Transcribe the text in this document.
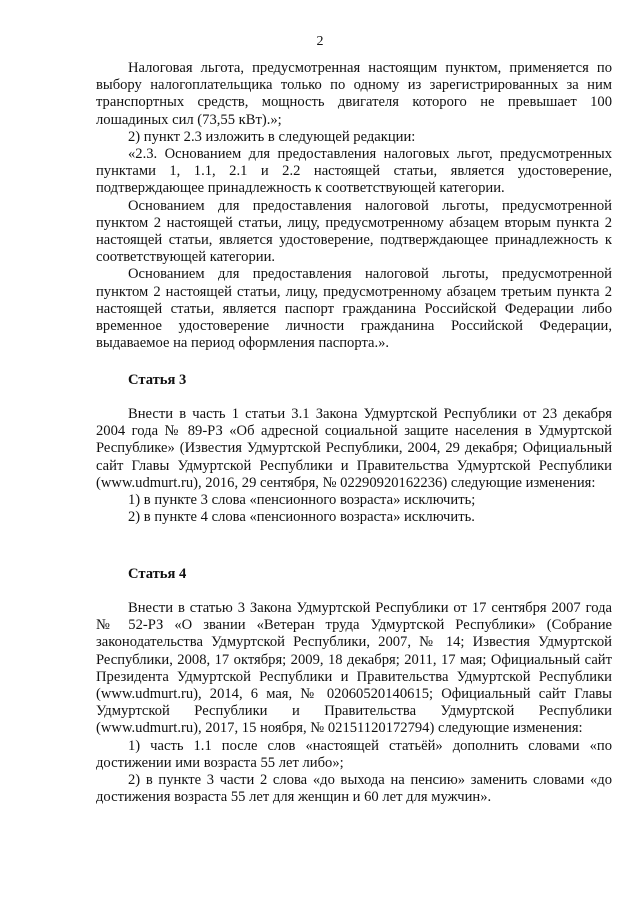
2

Налоговая льгота, предусмотренная настоящим пунктом, применяется по выбору налогоплательщика только по одному из зарегистрированных за ним транспортных средств, мощность двигателя которого не превышает 100 лошадиных сил (73,55 кВт).»;

2) пункт 2.3 изложить в следующей редакции:

«2.3. Основанием для предоставления налоговых льгот, предусмотренных пунктами 1, 1.1, 2.1 и 2.2 настоящей статьи, является удостоверение, подтверждающее принадлежность к соответствующей категории.

Основанием для предоставления налоговой льготы, предусмотренной пунктом 2 настоящей статьи, лицу, предусмотренному абзацем вторым пункта 2 настоящей статьи, является удостоверение, подтверждающее принадлежность к соответствующей категории.

Основанием для предоставления налоговой льготы, предусмотренной пунктом 2 настоящей статьи, лицу, предусмотренному абзацем третьим пункта 2 настоящей статьи, является паспорт гражданина Российской Федерации либо временное удостоверение личности гражданина Российской Федерации, выдаваемое на период оформления паспорта.».

Статья 3

Внести в часть 1 статьи 3.1 Закона Удмуртской Республики от 23 декабря 2004 года № 89-РЗ «Об адресной социальной защите населения в Удмуртской Республике» (Известия Удмуртской Республики, 2004, 29 декабря; Официальный сайт Главы Удмуртской Республики и Правительства Удмуртской Республики (www.udmurt.ru), 2016, 29 сентября, № 02290920162236) следующие изменения:

1) в пункте 3 слова «пенсионного возраста» исключить;

2) в пункте 4 слова «пенсионного возраста» исключить.

Статья 4

Внести в статью 3 Закона Удмуртской Республики от 17 сентября 2007 года № 52-РЗ «О звании «Ветеран труда Удмуртской Республики» (Собрание законодательства Удмуртской Республики, 2007, № 14; Известия Удмуртской Республики, 2008, 17 октября; 2009, 18 декабря; 2011, 17 мая; Официальный сайт Президента Удмуртской Республики и Правительства Удмуртской Республики (www.udmurt.ru), 2014, 6 мая, № 02060520140615; Официальный сайт Главы Удмуртской Республики и Правительства Удмуртской Республики (www.udmurt.ru), 2017, 15 ноября, № 02151120172794) следующие изменения:

1) часть 1.1 после слов «настоящей статьёй» дополнить словами «по достижении ими возраста 55 лет либо»;

2) в пункте 3 части 2 слова «до выхода на пенсию» заменить словами «до достижения возраста 55 лет для женщин и 60 лет для мужчин».
